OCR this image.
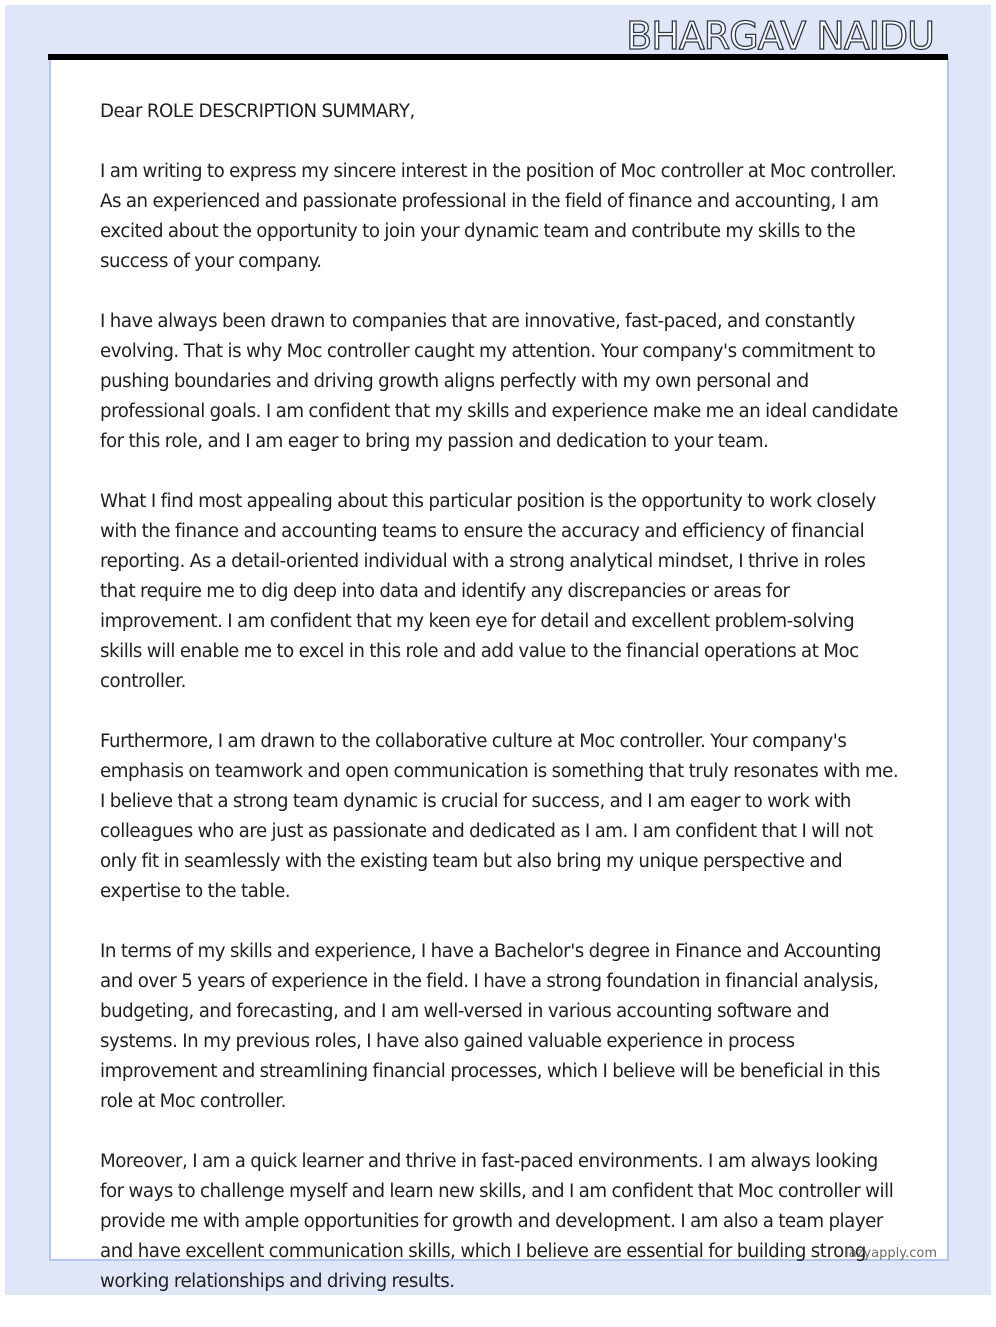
BHARGAV NAIDU

Dear ROLE DESCRIPTION SUMMARY,

I am writing to express my sincere interest in the position of Moc controller at Moc controller. As an experienced and passionate professional in the field of finance and accounting, I am excited about the opportunity to join your dynamic team and contribute my skills to the success of your company.

I have always been drawn to companies that are innovative, fast-paced, and constantly evolving. That is why Moc controller caught my attention. Your company's commitment to pushing boundaries and driving growth aligns perfectly with my own personal and professional goals. I am confident that my skills and experience make me an ideal candidate for this role, and I am eager to bring my passion and dedication to your team.

What I find most appealing about this particular position is the opportunity to work closely with the finance and accounting teams to ensure the accuracy and efficiency of financial reporting. As a detail-oriented individual with a strong analytical mindset, I thrive in roles that require me to dig deep into data and identify any discrepancies or areas for improvement. I am confident that my keen eye for detail and excellent problem-solving skills will enable me to excel in this role and add value to the financial operations at Moc controller.

Furthermore, I am drawn to the collaborative culture at Moc controller. Your company's emphasis on teamwork and open communication is something that truly resonates with me. I believe that a strong team dynamic is crucial for success, and I am eager to work with colleagues who are just as passionate and dedicated as I am. I am confident that I will not only fit in seamlessly with the existing team but also bring my unique perspective and expertise to the table.

In terms of my skills and experience, I have a Bachelor's degree in Finance and Accounting and over 5 years of experience in the field. I have a strong foundation in financial analysis, budgeting, and forecasting, and I am well-versed in various accounting software and systems. In my previous roles, I have also gained valuable experience in process improvement and streamlining financial processes, which I believe will be beneficial in this role at Moc controller.

Moreover, I am a quick learner and thrive in fast-paced environments. I am always looking for ways to challenge myself and learn new skills, and I am confident that Moc controller will provide me with ample opportunities for growth and development. I am also a team player and have excellent communication skills, which I believe are essential for building strong working relationships and driving results.

lazyapply.com
